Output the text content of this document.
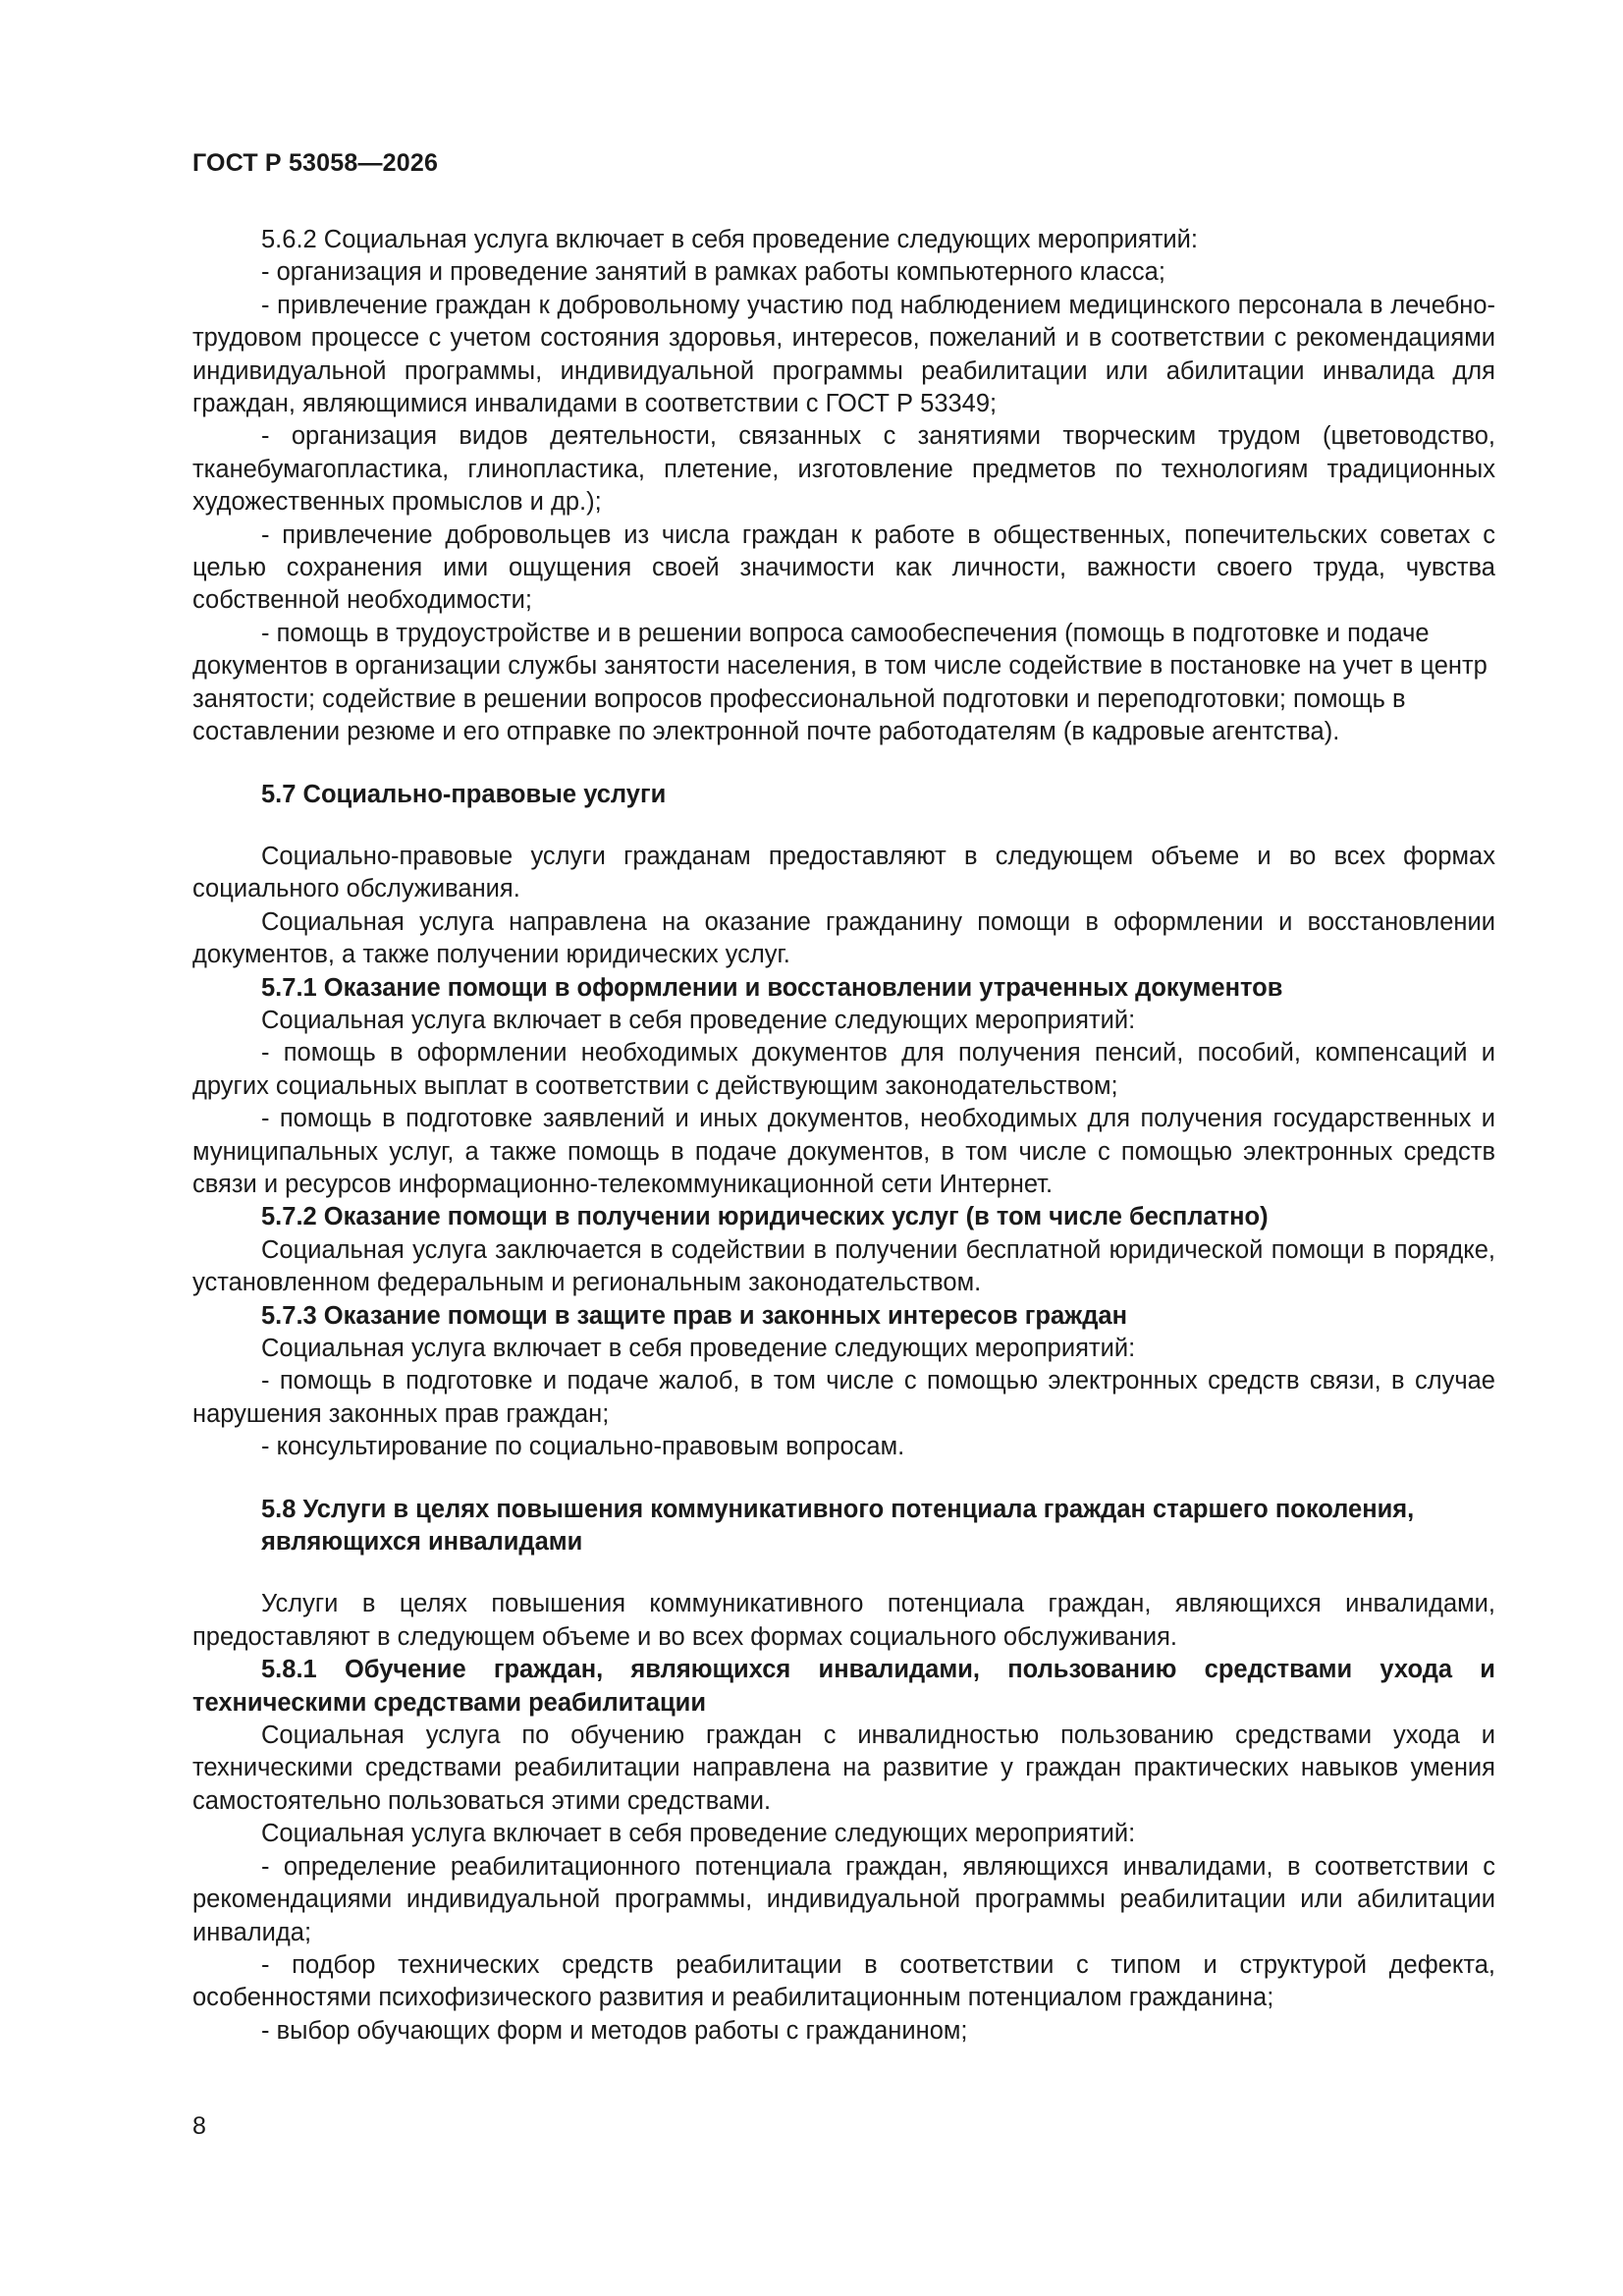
ГОСТ Р 53058—2026

5.6.2 Социальная услуга включает в себя проведение следующих мероприятий:

- организация и проведение занятий в рамках работы компьютерного класса;

- привлечение граждан к добровольному участию под наблюдением медицинского персонала в лечебно-трудовом процессе с учетом состояния здоровья, интересов, пожеланий и в соответствии с рекомендациями индивидуальной программы, индивидуальной программы реабилитации или абилитации инвалида для граждан, являющимися инвалидами в соответствии с ГОСТ Р 53349;

- организация видов деятельности, связанных с занятиями творческим трудом (цветоводство, тканебумагопластика, глинопластика, плетение, изготовление предметов по технологиям традиционных художественных промыслов и др.);

- привлечение добровольцев из числа граждан к работе в общественных, попечительских советах с целью сохранения ими ощущения своей значимости как личности, важности своего труда, чувства собственной необходимости;

- помощь в трудоустройстве и в решении вопроса самообеспечения (помощь в подготовке и подаче документов в организации службы занятости населения, в том числе содействие в постановке на учет в центр занятости; содействие в решении вопросов профессиональной подготовки и переподготовки; помощь в составлении резюме и его отправке по электронной почте работодателям (в кадровые агентства).

5.7 Социально-правовые услуги

Социально-правовые услуги гражданам предоставляют в следующем объеме и во всех формах социального обслуживания.

Социальная услуга направлена на оказание гражданину помощи в оформлении и восстановлении документов, а также получении юридических услуг.

5.7.1 Оказание помощи в оформлении и восстановлении утраченных документов

Социальная услуга включает в себя проведение следующих мероприятий:

- помощь в оформлении необходимых документов для получения пенсий, пособий, компенсаций и других социальных выплат в соответствии с действующим законодательством;

- помощь в подготовке заявлений и иных документов, необходимых для получения государственных и муниципальных услуг, а также помощь в подаче документов, в том числе с помощью электронных средств связи и ресурсов информационно-телекоммуникационной сети Интернет.

5.7.2 Оказание помощи в получении юридических услуг (в том числе бесплатно)

Социальная услуга заключается в содействии в получении бесплатной юридической помощи в порядке, установленном федеральным и региональным законодательством.

5.7.3 Оказание помощи в защите прав и законных интересов граждан

Социальная услуга включает в себя проведение следующих мероприятий:

- помощь в подготовке и подаче жалоб, в том числе с помощью электронных средств связи, в случае нарушения законных прав граждан;

- консультирование по социально-правовым вопросам.

5.8 Услуги в целях повышения коммуникативного потенциала граждан старшего поколения, являющихся инвалидами

Услуги в целях повышения коммуникативного потенциала граждан, являющихся инвалидами, предоставляют в следующем объеме и во всех формах социального обслуживания.

5.8.1 Обучение граждан, являющихся инвалидами, пользованию средствами ухода и техническими средствами реабилитации

Социальная услуга по обучению граждан с инвалидностью пользованию средствами ухода и техническими средствами реабилитации направлена на развитие у граждан практических навыков умения самостоятельно пользоваться этими средствами.

Социальная услуга включает в себя проведение следующих мероприятий:

- определение реабилитационного потенциала граждан, являющихся инвалидами, в соответствии с рекомендациями индивидуальной программы, индивидуальной программы реабилитации или абилитации инвалида;

- подбор технических средств реабилитации в соответствии с типом и структурой дефекта, особенностями психофизического развития и реабилитационным потенциалом гражданина;

- выбор обучающих форм и методов работы с гражданином;

8
